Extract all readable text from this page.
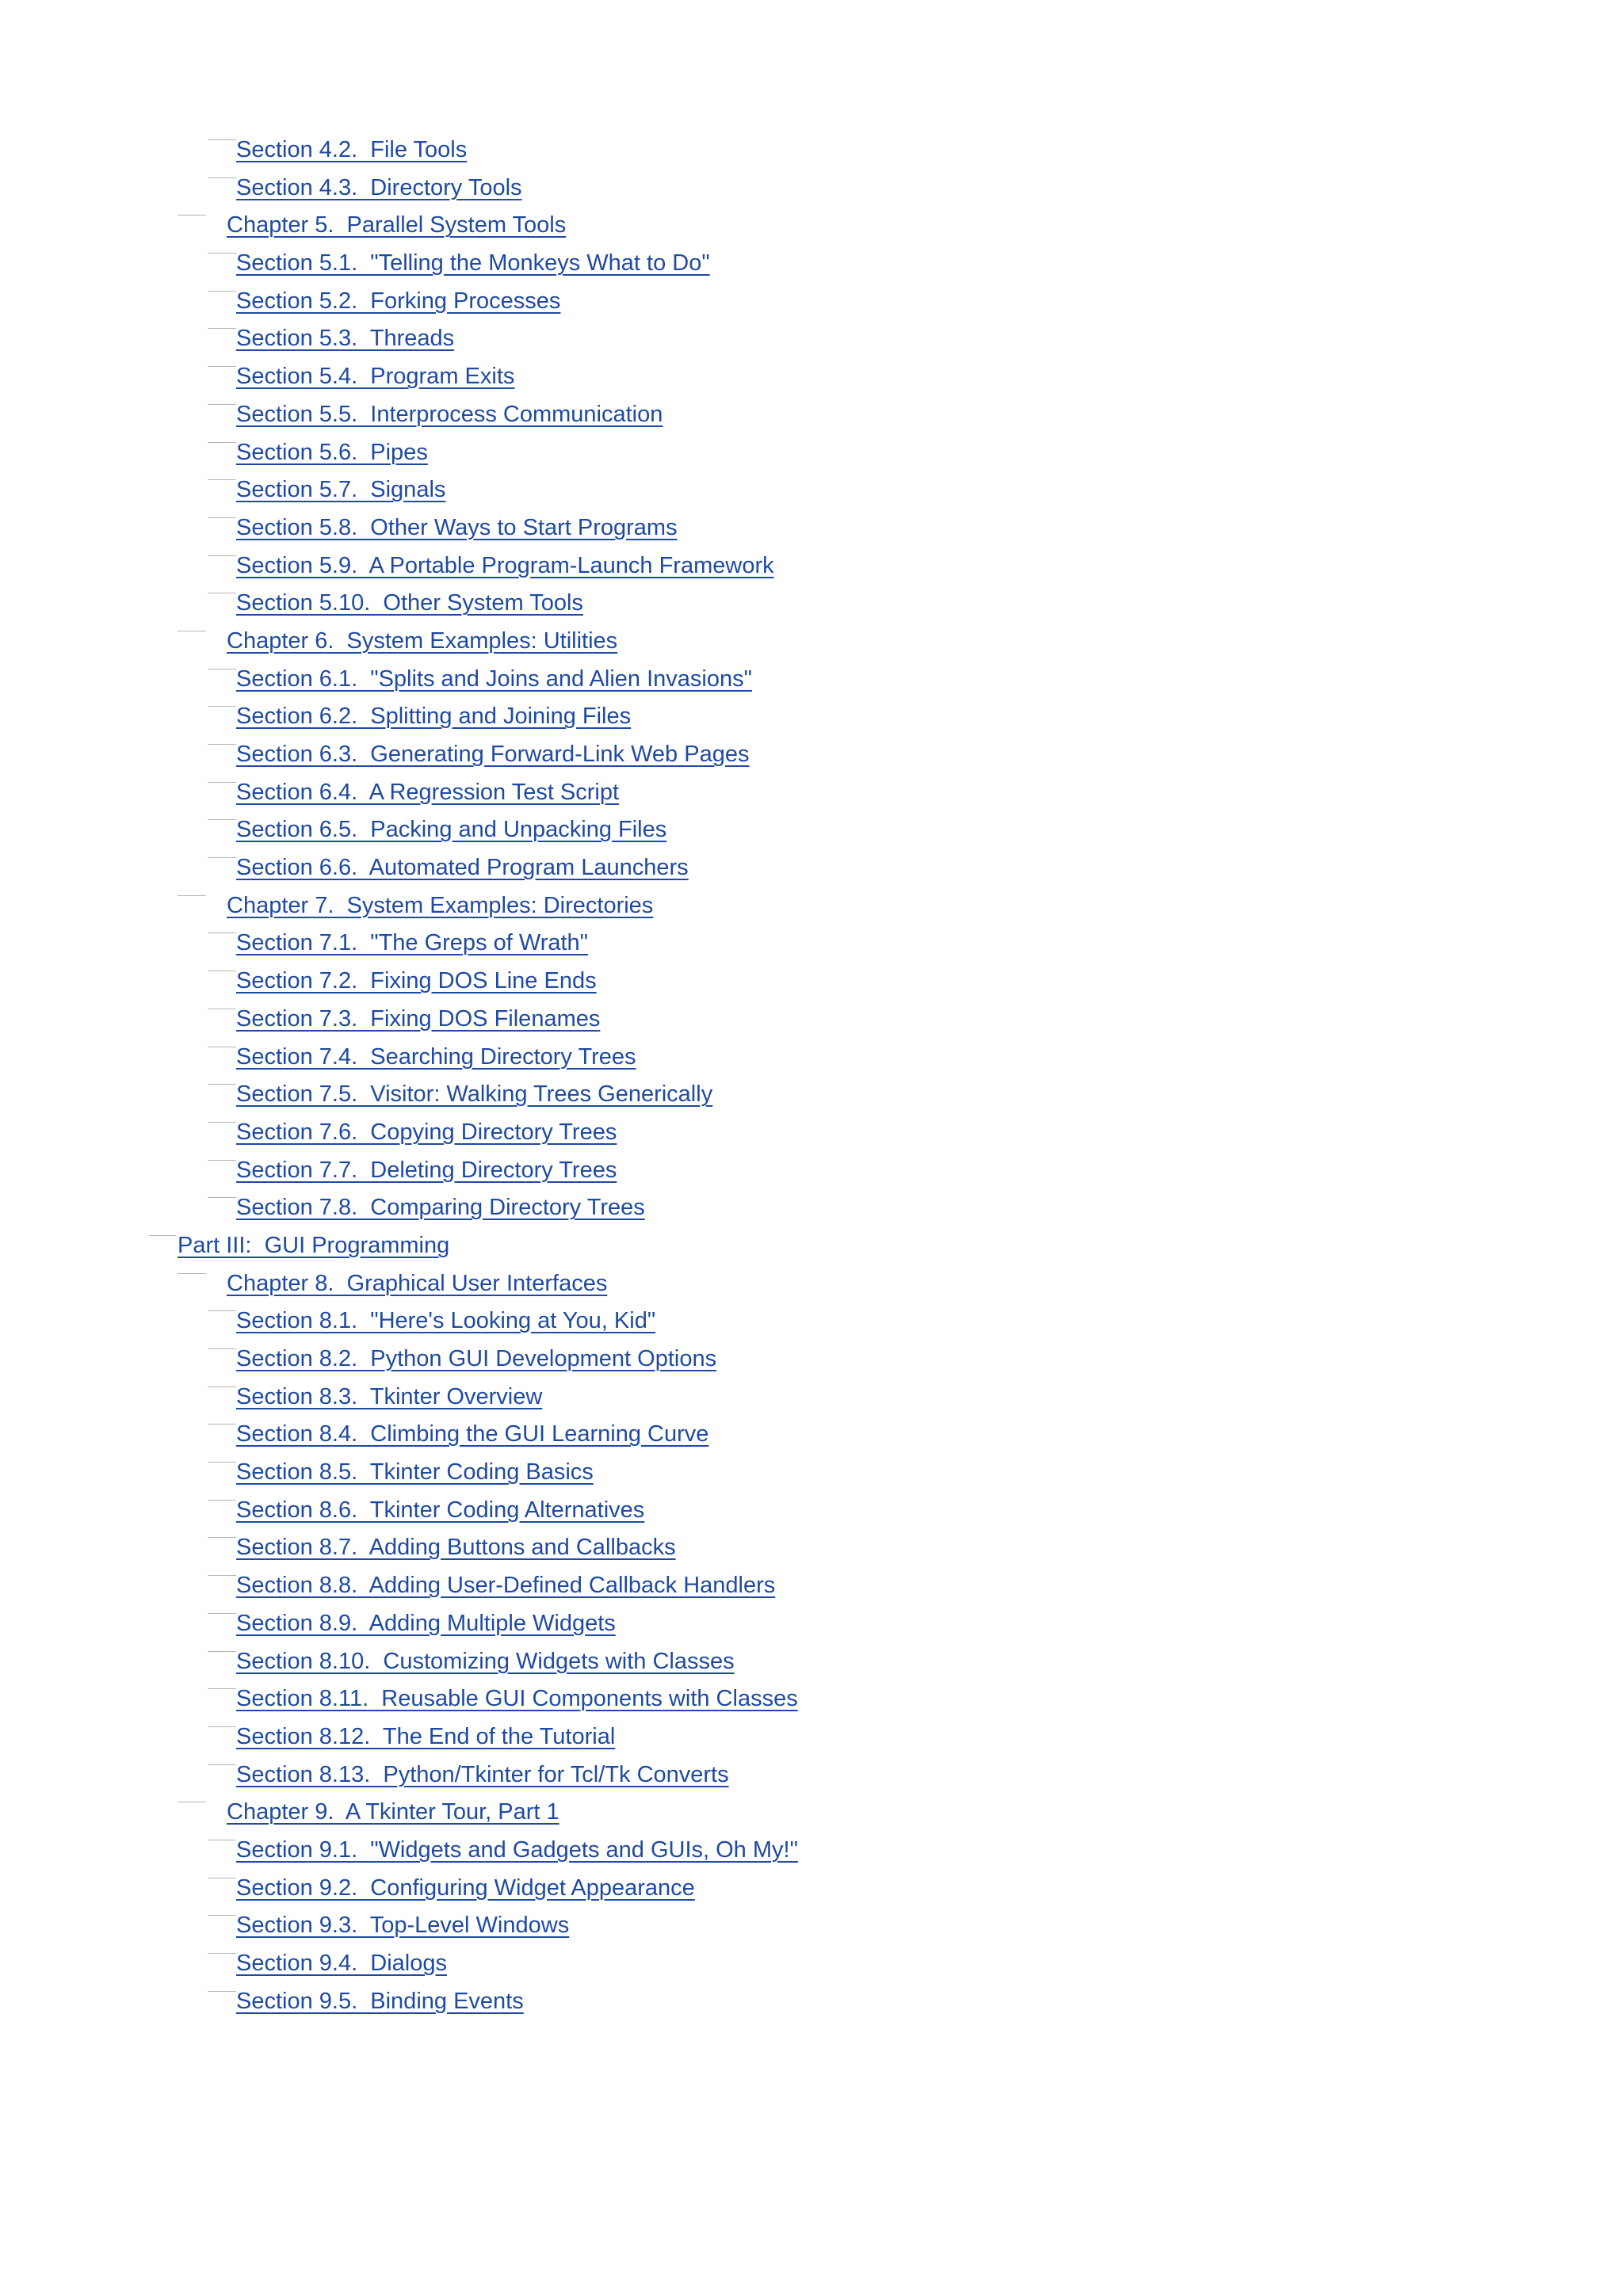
Section 4.2.  File Tools
Section 4.3.  Directory Tools
Chapter 5.  Parallel System Tools
Section 5.1.  "Telling the Monkeys What to Do"
Section 5.2.  Forking Processes
Section 5.3.  Threads
Section 5.4.  Program Exits
Section 5.5.  Interprocess Communication
Section 5.6.  Pipes
Section 5.7.  Signals
Section 5.8.  Other Ways to Start Programs
Section 5.9.  A Portable Program-Launch Framework
Section 5.10.  Other System Tools
Chapter 6.  System Examples: Utilities
Section 6.1.  "Splits and Joins and Alien Invasions"
Section 6.2.  Splitting and Joining Files
Section 6.3.  Generating Forward-Link Web Pages
Section 6.4.  A Regression Test Script
Section 6.5.  Packing and Unpacking Files
Section 6.6.  Automated Program Launchers
Chapter 7.  System Examples: Directories
Section 7.1.  "The Greps of Wrath"
Section 7.2.  Fixing DOS Line Ends
Section 7.3.  Fixing DOS Filenames
Section 7.4.  Searching Directory Trees
Section 7.5.  Visitor: Walking Trees Generically
Section 7.6.  Copying Directory Trees
Section 7.7.  Deleting Directory Trees
Section 7.8.  Comparing Directory Trees
Part III:  GUI Programming
Chapter 8.  Graphical User Interfaces
Section 8.1.  "Here's Looking at You, Kid"
Section 8.2.  Python GUI Development Options
Section 8.3.  Tkinter Overview
Section 8.4.  Climbing the GUI Learning Curve
Section 8.5.  Tkinter Coding Basics
Section 8.6.  Tkinter Coding Alternatives
Section 8.7.  Adding Buttons and Callbacks
Section 8.8.  Adding User-Defined Callback Handlers
Section 8.9.  Adding Multiple Widgets
Section 8.10.  Customizing Widgets with Classes
Section 8.11.  Reusable GUI Components with Classes
Section 8.12.  The End of the Tutorial
Section 8.13.  Python/Tkinter for Tcl/Tk Converts
Chapter 9.  A Tkinter Tour, Part 1
Section 9.1.  "Widgets and Gadgets and GUIs, Oh My!"
Section 9.2.  Configuring Widget Appearance
Section 9.3.  Top-Level Windows
Section 9.4.  Dialogs
Section 9.5.  Binding Events
